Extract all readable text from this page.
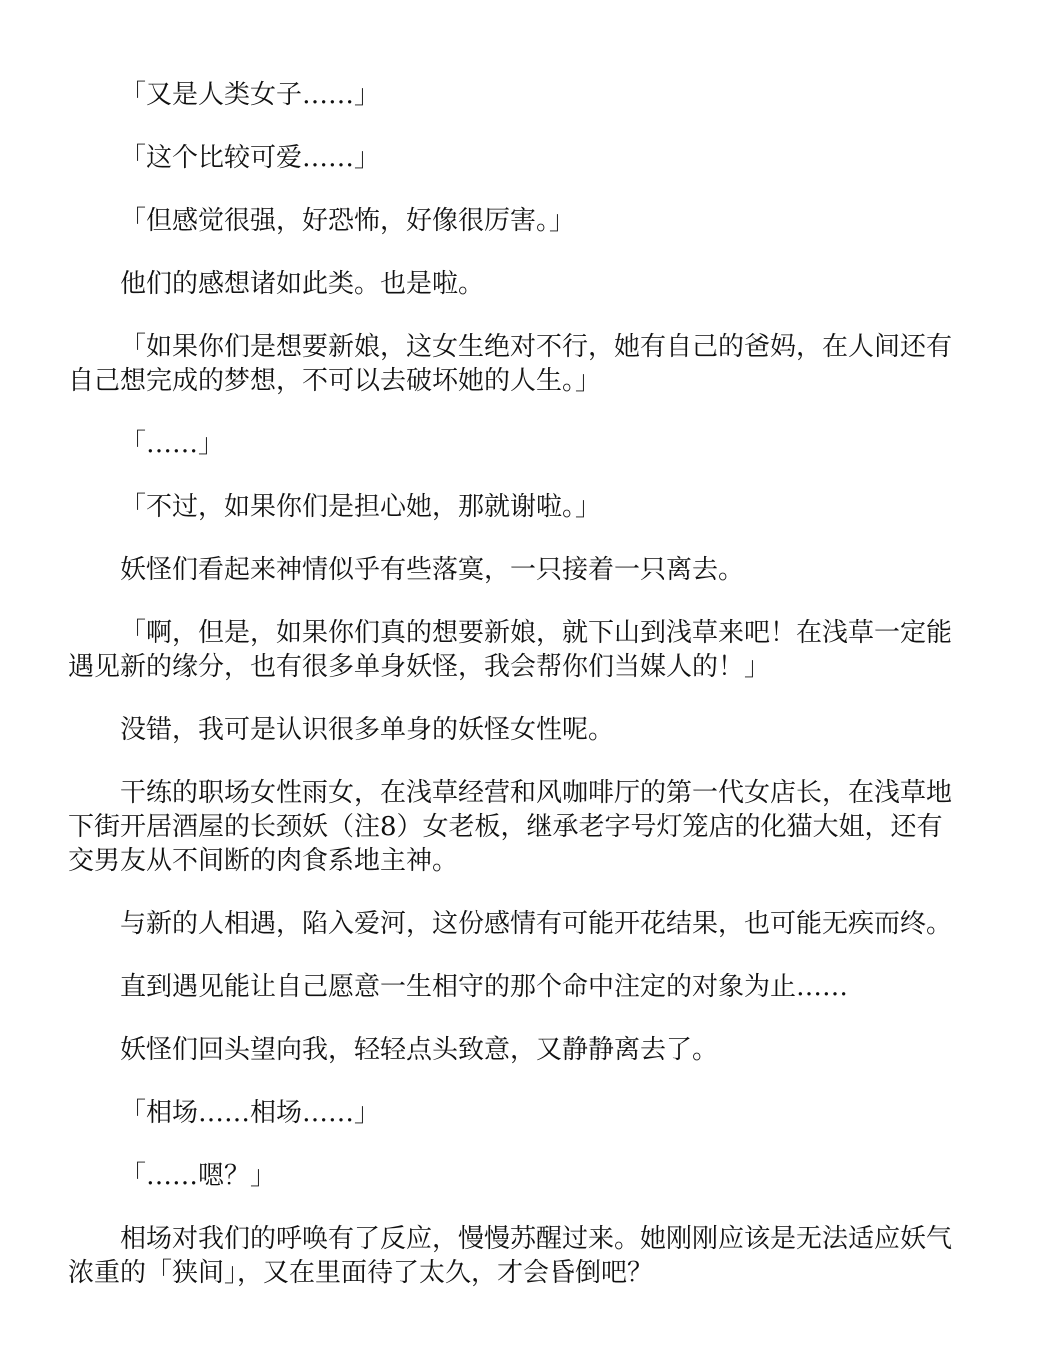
「又是人类女子……」

「这个比较可爱……」

「但感觉很强，好恐怖，好像很厉害。」

他们的感想诸如此类。也是啦。

「如果你们是想要新娘，这女生绝对不行，她有自己的爸妈，在人间还有
自己想完成的梦想，不可以去破坏她的人生。」

「……」

「不过，如果你们是担心她，那就谢啦。」

妖怪们看起来神情似乎有些落寞，一只接着一只离去。

「啊，但是，如果你们真的想要新娘，就下山到浅草来吧！在浅草一定能
遇见新的缘分，也有很多单身妖怪，我会帮你们当媒人的！」

没错，我可是认识很多单身的妖怪女性呢。

干练的职场女性雨女，在浅草经营和风咖啡厅的第一代女店长，在浅草地
下街开居酒屋的长颈妖（注8）女老板，继承老字号灯笼店的化猫大姐，还有
交男友从不间断的肉食系地主神。

与新的人相遇，陷入爱河，这份感情有可能开花结果，也可能无疾而终。

直到遇见能让自己愿意一生相守的那个命中注定的对象为止……

妖怪们回头望向我，轻轻点头致意，又静静离去了。

「相场……相场……」

「……嗯？」

相场对我们的呼唤有了反应，慢慢苏醒过来。她刚刚应该是无法适应妖气
浓重的「狭间」，又在里面待了太久，才会昏倒吧？
